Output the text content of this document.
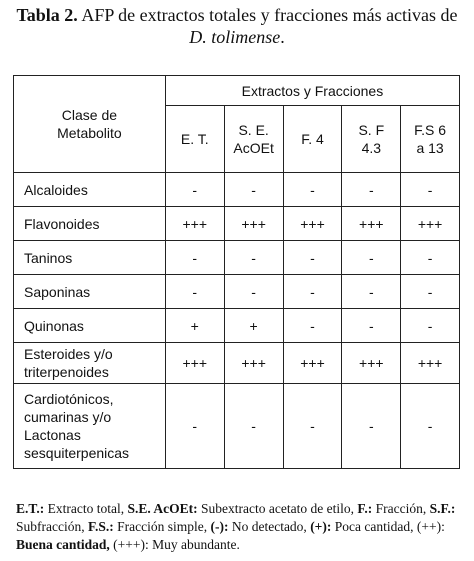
Tabla 2. AFP de extractos totales y fracciones más activas de
D. tolimense.
Clase de Metabolito	Extractos y Fracciones				

	E. T.	S. E. AcOEt	F. 4	S. F 4.3	F.S 6 a 13

Alcaloides	-	-	-	-	-
Flavonoides	+++	+++	+++	+++	+++
Taninos	-	-	-	-	-
Saponinas	-	-	-	-	-
Quinonas	+	+	-	-	-

Esteroides y/o triterpenoides	+++	+++	+++	+++	+++

Cardiotónicos, cumarinas y/o Lactonas sesquiterpenicas	-	-	-	-	-
E.T.: Extracto total, S.E. AcOEt: Subextracto acetato de etilo, F.: Fracción, S.F.: Subfracción, F.S.: Fracción simple, (-): No detectado, (+): Poca cantidad, (++): Buena cantidad, (+++): Muy abundante.
